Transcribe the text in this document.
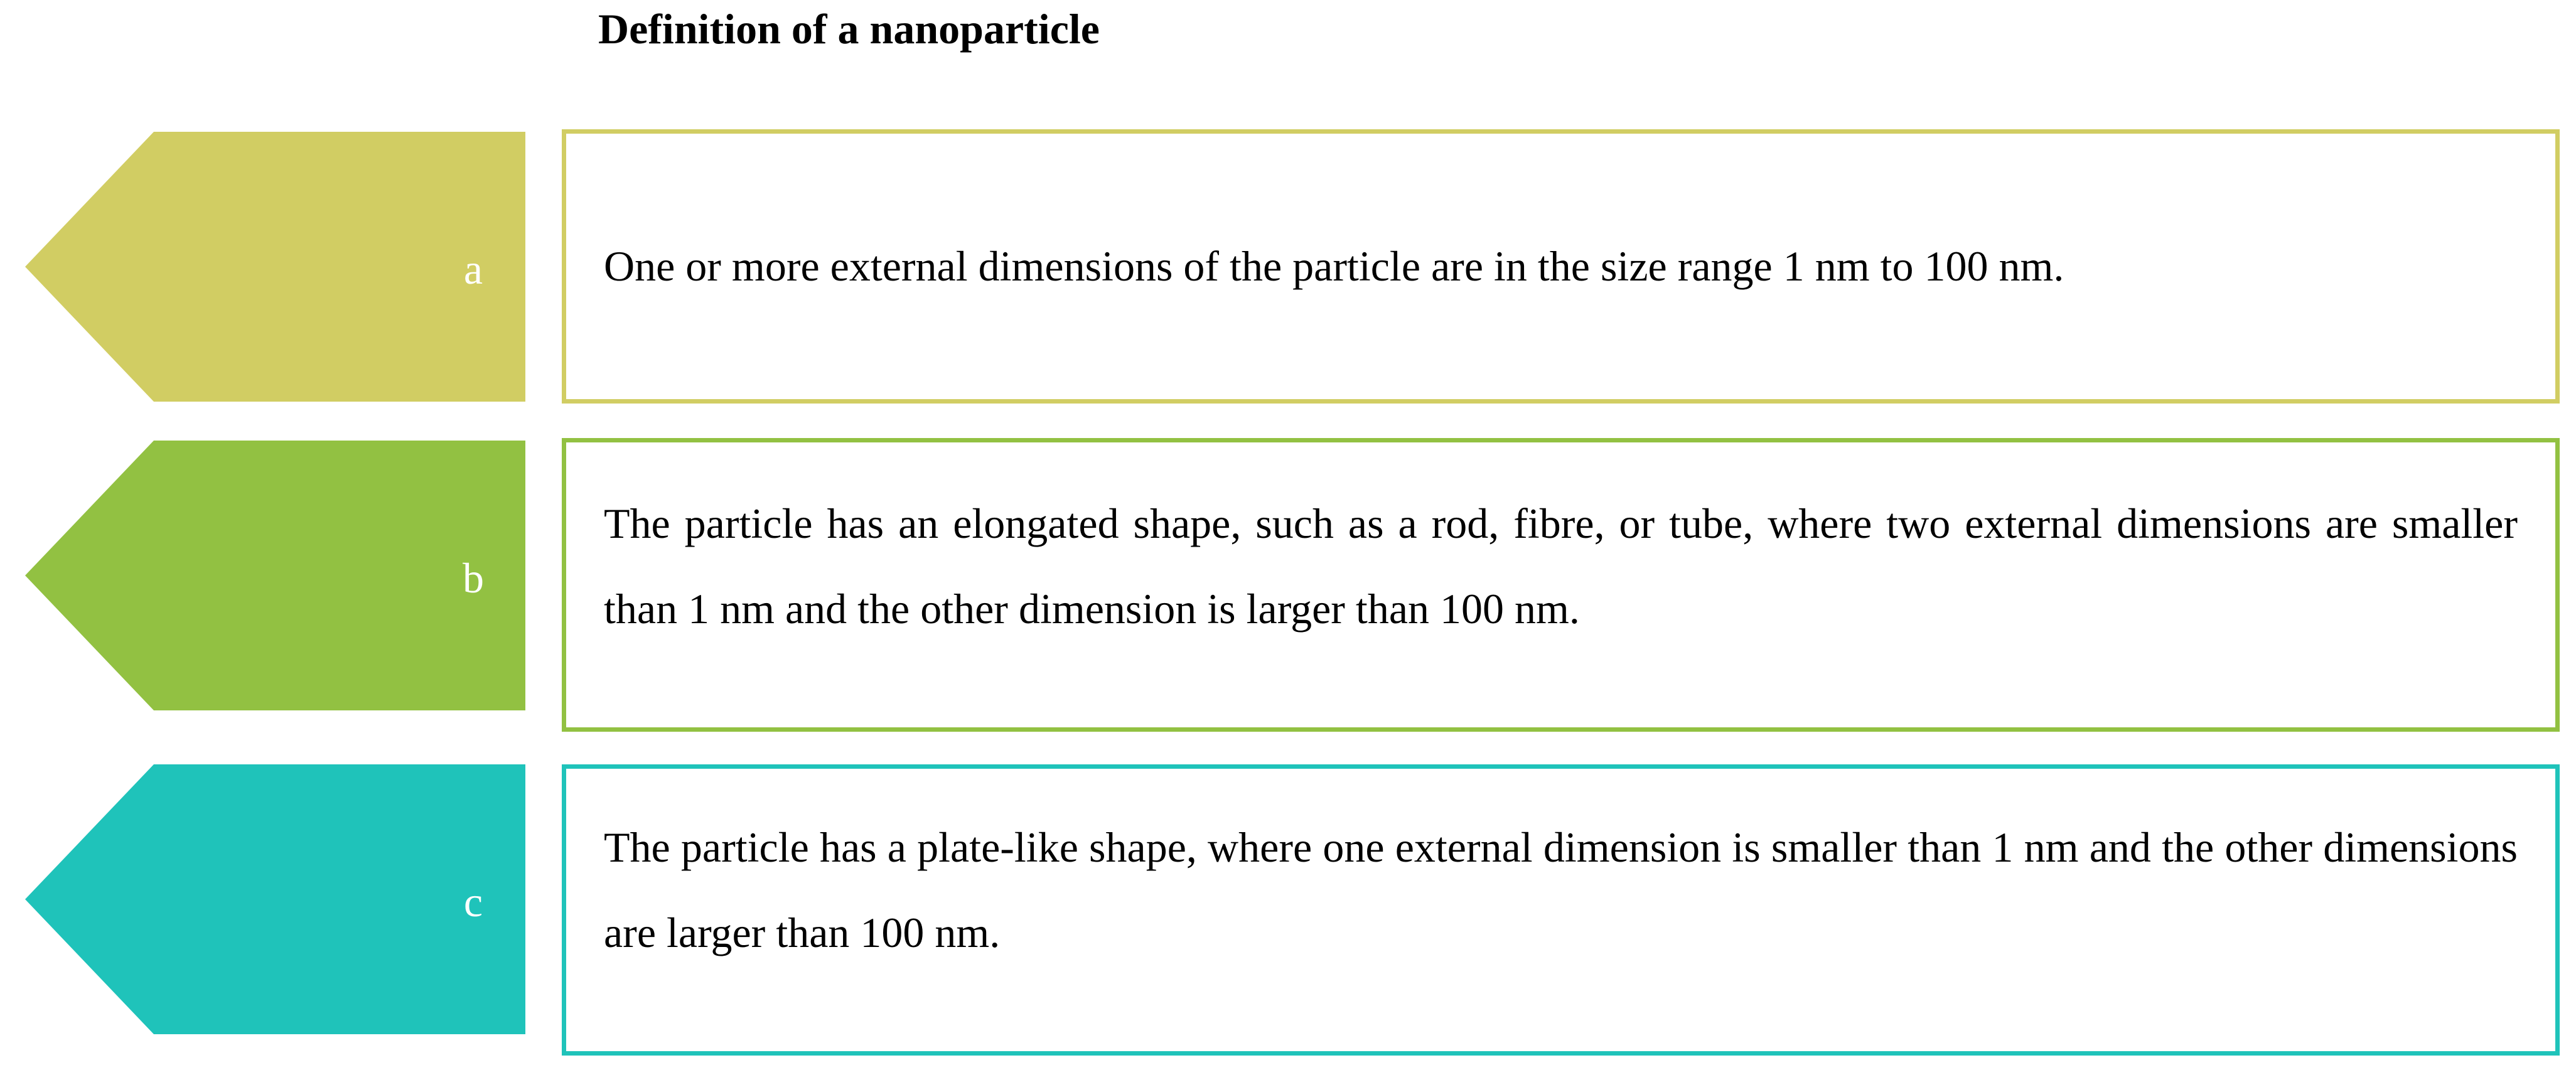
Definition of a nanoparticle
a	One or more external dimensions of the particle are in the size range 1 nm to 100 nm.
b
The particle has an elongated shape, such as a rod, fibre, or tube, where two external dimensions are smaller than 1 nm and the other dimension is larger than 100 nm.
c
The particle has a plate-like shape, where one external dimension is smaller than 1 nm and the other dimensions are larger than 100 nm.
